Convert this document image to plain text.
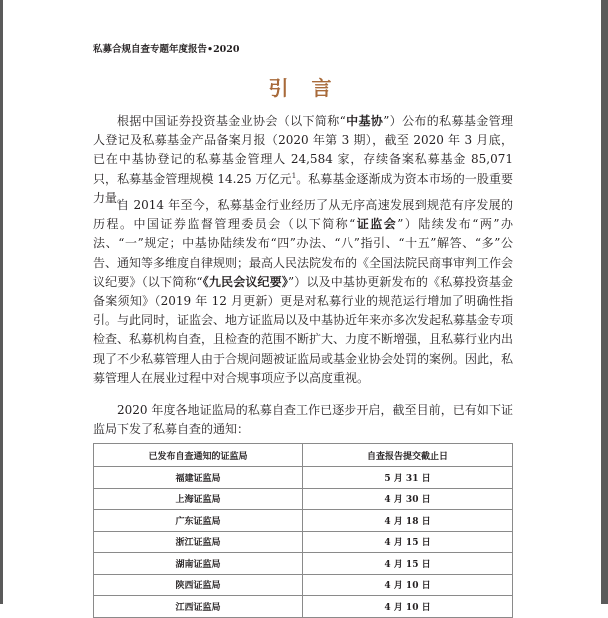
私募合规自查专题年度报告•2020
引 言

根据中国证券投资基金业协会（以下简称“中基协”）公布的私募基金管理人登记及私募基金产品备案月报（2020 年第 3 期），截至 2020 年 3 月底，已在中基协登记的私募基金管理人 24,584 家，存续备案私募基金 85,071 只，私募基金管理规模 14.25 万亿元$^1$。私募基金逐渐成为资本市场的一股重要力量。

自 2014 年至今，私募基金行业经历了从无序高速发展到规范有序发展的历程。中国证券监督管理委员会（以下简称“证监会”）陆续发布“两”办法、“一”规定；中基协陆续发布“四”办法、“八”指引、“十五”解答、“多”公告、通知等多维度自律规则；最高人民法院发布的《全国法院民商事审判工作会议纪要》（以下简称“《九民会议纪要》”）以及中基协更新发布的《私募投资基金备案须知》（2019 年 12 月更新）更是对私募行业的规范运行增加了明确性指引。与此同时，证监会、地方证监局以及中基协近年来亦多次发起私募基金专项检查、私募机构自查，且检查的范围不断扩大、力度不断增强，且私募行业内出现了不少私募管理人由于合规问题被证监局或基金业协会处罚的案例。因此，私募管理人在展业过程中对合规事项应予以高度重视。

2020 年度各地证监局的私募自查工作已逐步开启，截至目前，已有如下证监局下发了私募自查的通知：

已发布自查通知的证监局	自查报告提交截止日
福建证监局	5 月 31 日
上海证监局	4 月 30 日
广东证监局	4 月 18 日
浙江证监局	4 月 15 日
湖南证监局	4 月 15 日
陕西证监局	4 月 10 日
江西证监局	4 月 10 日
